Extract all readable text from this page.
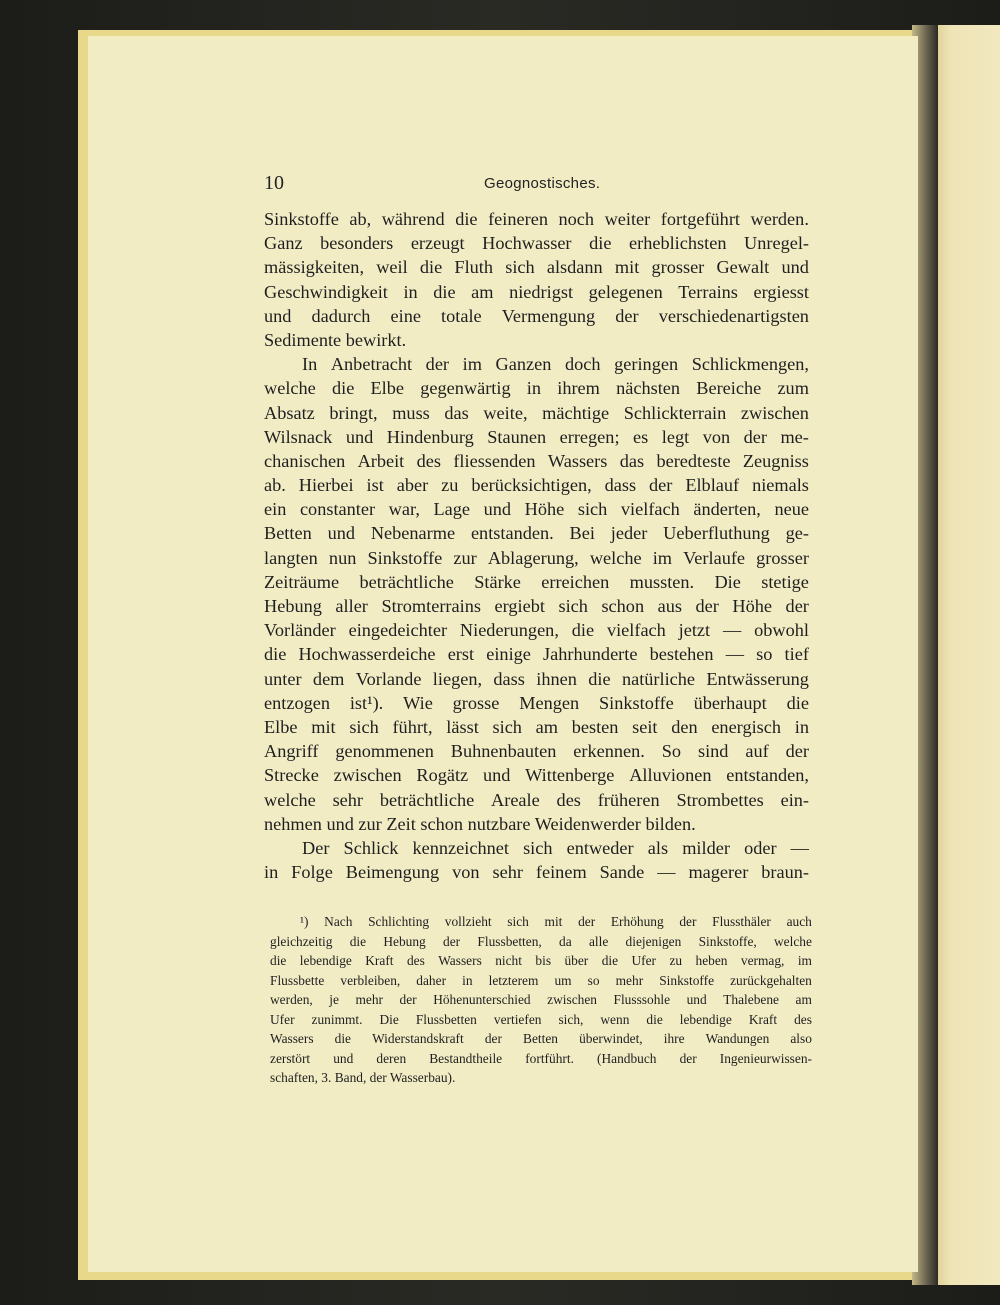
10	Geognostisches.
Sinkstoffe ab, während die feineren noch weiter fortgeführt werden.
Ganz besonders erzeugt Hochwasser die erheblichsten Unregel-
mässigkeiten, weil die Fluth sich alsdann mit grosser Gewalt und
Geschwindigkeit in die am niedrigst gelegenen Terrains ergiesst
und dadurch eine totale Vermengung der verschiedenartigsten
Sedimente bewirkt.
In Anbetracht der im Ganzen doch geringen Schlickmengen,
welche die Elbe gegenwärtig in ihrem nächsten Bereiche zum
Absatz bringt, muss das weite, mächtige Schlickterrain zwischen
Wilsnack und Hindenburg Staunen erregen; es legt von der me-
chanischen Arbeit des fliessenden Wassers das beredteste Zeugniss
ab. Hierbei ist aber zu berücksichtigen, dass der Elblauf niemals
ein constanter war, Lage und Höhe sich vielfach änderten, neue
Betten und Nebenarme entstanden. Bei jeder Ueberfluthung ge-
langten nun Sinkstoffe zur Ablagerung, welche im Verlaufe grosser
Zeiträume beträchtliche Stärke erreichen mussten. Die stetige
Hebung aller Stromterrains ergiebt sich schon aus der Höhe der
Vorländer eingedeichter Niederungen, die vielfach jetzt — obwohl
die Hochwasserdeiche erst einige Jahrhunderte bestehen — so tief
unter dem Vorlande liegen, dass ihnen die natürliche Entwässerung
entzogen ist¹). Wie grosse Mengen Sinkstoffe überhaupt die
Elbe mit sich führt, lässt sich am besten seit den energisch in
Angriff genommenen Buhnenbauten erkennen. So sind auf der
Strecke zwischen Rogätz und Wittenberge Alluvionen entstanden,
welche sehr beträchtliche Areale des früheren Strombettes ein-
nehmen und zur Zeit schon nutzbare Weidenwerder bilden.
Der Schlick kennzeichnet sich entweder als milder oder —
in Folge Beimengung von sehr feinem Sande — magerer braun-
¹) Nach Schlichting vollzieht sich mit der Erhöhung der Flussthäler auch
gleichzeitig die Hebung der Flussbetten, da alle diejenigen Sinkstoffe, welche
die lebendige Kraft des Wassers nicht bis über die Ufer zu heben vermag, im
Flussbette verbleiben, daher in letzterem um so mehr Sinkstoffe zurückgehalten
werden, je mehr der Höhenunterschied zwischen Flusssohle und Thalebene am
Ufer zunimmt. Die Flussbetten vertiefen sich, wenn die lebendige Kraft des
Wassers die Widerstandskraft der Betten überwindet, ihre Wandungen also
zerstört und deren Bestandtheile fortführt. (Handbuch der Ingenieurwissen-
schaften, 3. Band, der Wasserbau).
